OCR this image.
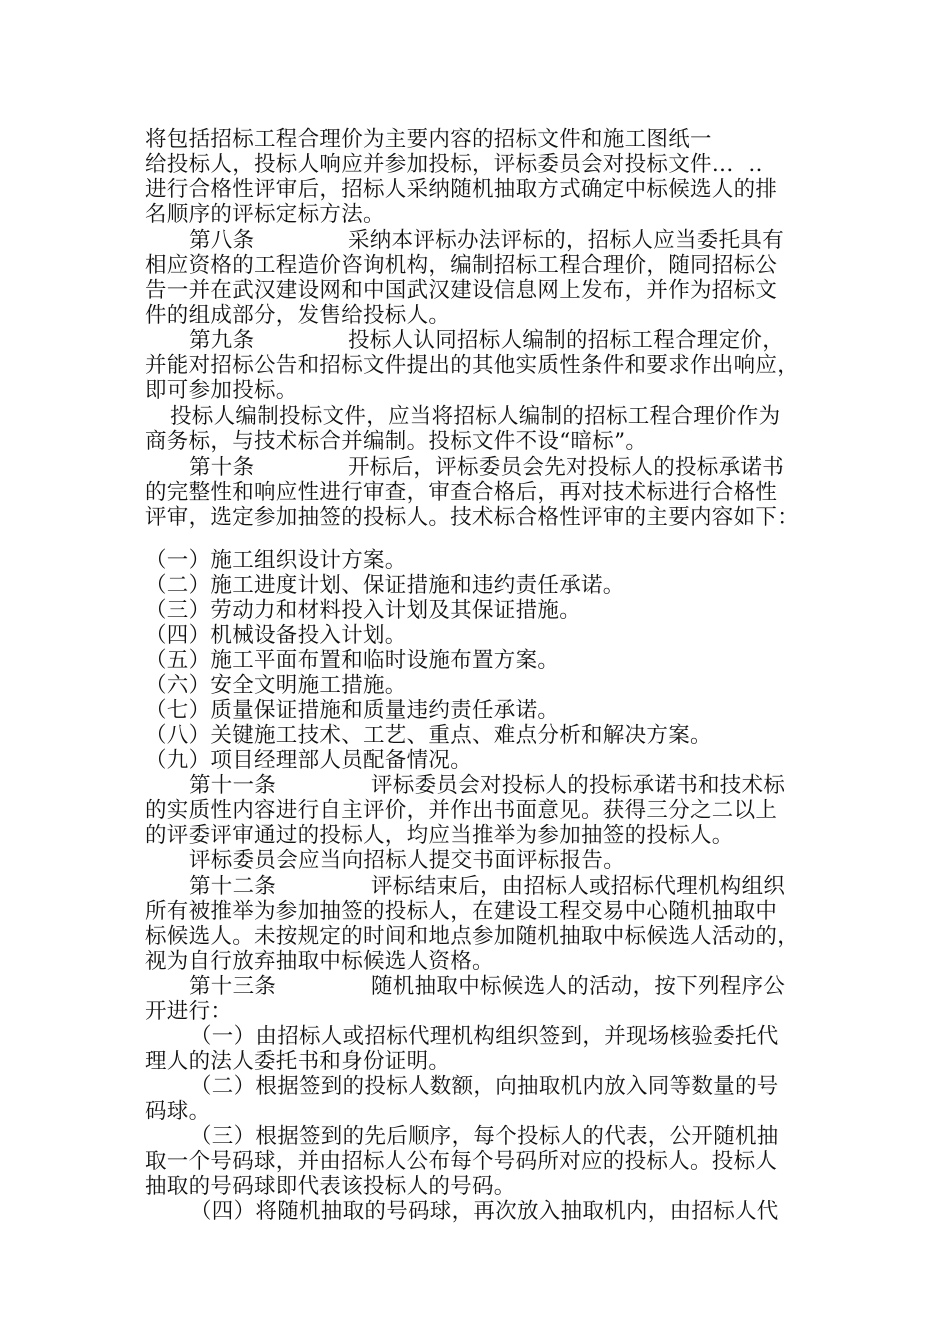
将包括招标工程合理价为主要内容的招标文件和施工图纸一
给投标人，投标人响应并参加投标，评标委员会对投标文件‥．‥
进行合格性评审后，招标人采纳随机抽取方式确定中标候选人的排
名顺序的评标定标方法。
第八条	采纳本评标办法评标的，招标人应当委托具有
相应资格的工程造价咨询机构，编制招标工程合理价，随同招标公
告一并在武汉建设网和中国武汉建设信息网上发布，并作为招标文
件的组成部分，发售给投标人。
第九条	投标人认同招标人编制的招标工程合理定价，
并能对招标公告和招标文件提出的其他实质性条件和要求作出响应，
即可参加投标。
投标人编制投标文件，应当将招标人编制的招标工程合理价作为
商务标，与技术标合并编制。投标文件不设“暗标”。
第十条	开标后，评标委员会先对投标人的投标承诺书
的完整性和响应性进行审查，审查合格后，再对技术标进行合格性
评审，选定参加抽签的投标人。技术标合格性评审的主要内容如下：
（一）施工组织设计方案。
（二）施工进度计划、保证措施和违约责任承诺。
（三）劳动力和材料投入计划及其保证措施。
（四）机械设备投入计划。
（五）施工平面布置和临时设施布置方案。
（六）安全文明施工措施。
（七）质量保证措施和质量违约责任承诺。
（八）关键施工技术、工艺、重点、难点分析和解决方案。
（九）项目经理部人员配备情况。
第十一条	评标委员会对投标人的投标承诺书和技术标
的实质性内容进行自主评价，并作出书面意见。获得三分之二以上
的评委评审通过的投标人，均应当推举为参加抽签的投标人。
评标委员会应当向招标人提交书面评标报告。
第十二条	评标结束后，由招标人或招标代理机构组织
所有被推举为参加抽签的投标人，在建设工程交易中心随机抽取中
标候选人。未按规定的时间和地点参加随机抽取中标候选人活动的，
视为自行放弃抽取中标候选人资格。
第十三条	随机抽取中标候选人的活动，按下列程序公
开进行：
（一）由招标人或招标代理机构组织签到，并现场核验委托代
理人的法人委托书和身份证明。
（二）根据签到的投标人数额，向抽取机内放入同等数量的号
码球。
（三）根据签到的先后顺序，每个投标人的代表，公开随机抽
取一个号码球，并由招标人公布每个号码所对应的投标人。投标人
抽取的号码球即代表该投标人的号码。
（四）将随机抽取的号码球，再次放入抽取机内，由招标人代
